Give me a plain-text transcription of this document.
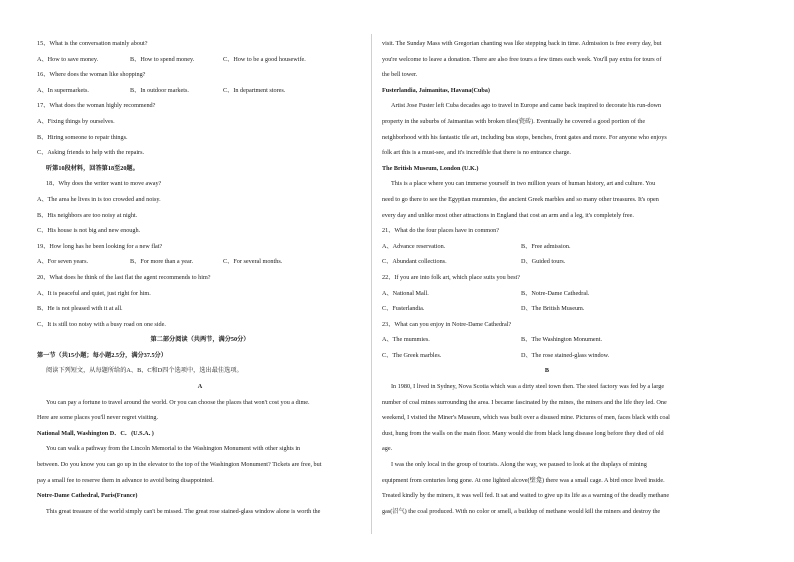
15、What is the conversation mainly about?
A、How to save money.	B、How to spend money.	C、How to be a good housewife.
16、Where does the woman like shopping?
A、In supermarkets.	B、In outdoor markets.	C、In department stores.
17、What does the woman highly recommend?
A、Fixing things by ourselves.
B、Hiring someone to repair things.
C、Asking friends to help with the repairs.
听第10段材料，回答第18至20题。
18、Why does the writer want to move away?
A、The area he lives in is too crowded and noisy.
B、His neighbors are too noisy at night.
C、His house is not big and new enough.
19、How long has he been looking for a new flat?
A、For seven years.	B、For more than a year.	C、For several months.
20、What does he think of the last flat the agent recommends to him?
A、It is peaceful and quiet, just right for him.
B、He is not pleased with it at all.
C、It is still too noisy with a busy road on one side.
第二部分阅读（共两节，满分50分）
第一节（共15小题；每小题2.5分，满分37.5分）
阅读下列短文，从每题所给的A、B、C和D四个选项中，选出最佳选项。
A
You can pay a fortune to travel around the world. Or you can choose the places that won't cost you a dime.
Here are some places you'll never regret visiting.
National Mall, Washington D．C．(U.S.A．)
You can walk a pathway from the Lincoln Memorial to the Washington Monument with other sights in
between. Do you know you can go up in the elevator to the top of the Washington Monument? Tickets are free, but
pay a small fee to reserve them in advance to avoid being disappointed.
Notre-Dame Cathedral, Paris(France)
This great treasure of the world simply can't be missed. The great rose stained-glass window alone is worth the
visit. The Sunday Mass with Gregorian chanting was like stepping back in time. Admission is free every day, but
you're welcome to leave a donation. There are also free tours a few times each week. You'll pay extra for tours of
the bell tower.
Fusterlandia, Jaimanitas, Havana(Cuba)
Artist Jose Fuster left Cuba decades ago to travel in Europe and came back inspired to decorate his run-down
property in the suburbs of Jaimanitas with broken tiles(瓷砖). Eventually he covered a good portion of the
neighborhood with his fantastic tile art, including bus stops, benches, front gates and more. For anyone who enjoys
folk art this is a must-see, and it's incredible that there is no entrance charge.
The British Museum, London (U.K.)
This is a place where you can immerse yourself in two million years of human history, art and culture. You
need to go there to see the Egyptian mummies, the ancient Greek marbles and so many other treasures. It's open
every day and unlike most other attractions in England that cost an arm and a leg, it's completely free.
21、What do the four places have in common?
A、Advance reservation.	B、Free admission.
C、Abundant collections.	D、Guided tours.
22、If you are into folk art, which place suits you best?
A、National Mall.	B、Notre-Dame Cathedral.
C、Fusterlandia.	D、The British Museum.
23、What can you enjoy in Notre-Dame Cathedral?
A、The mummies.	B、The Washington Monument.
C、The Greek marbles.	D、The rose stained-glass window.
B
In 1980, I lived in Sydney, Nova Scotia which was a dirty steel town then. The steel factory was fed by a large
number of coal mines surrounding the area. I became fascinated by the mines, the miners and the life they led. One
weekend, I visited the Miner's Museum, which was built over a disused mine. Pictures of men, faces black with coal
dust, hung from the walls on the main floor. Many would die from black lung disease long before they died of old
age.
I was the only local in the group of tourists. Along the way, we paused to look at the displays of mining
equipment from centuries long gone. At one lighted alcove(壁龛) there was a small cage. A bird once lived inside.
Treated kindly by the miners, it was well fed. It sat and waited to give up its life as a warning of the deadly methane
gas(沼气) the coal produced. With no color or smell, a buildup of methane would kill the miners and destroy the
